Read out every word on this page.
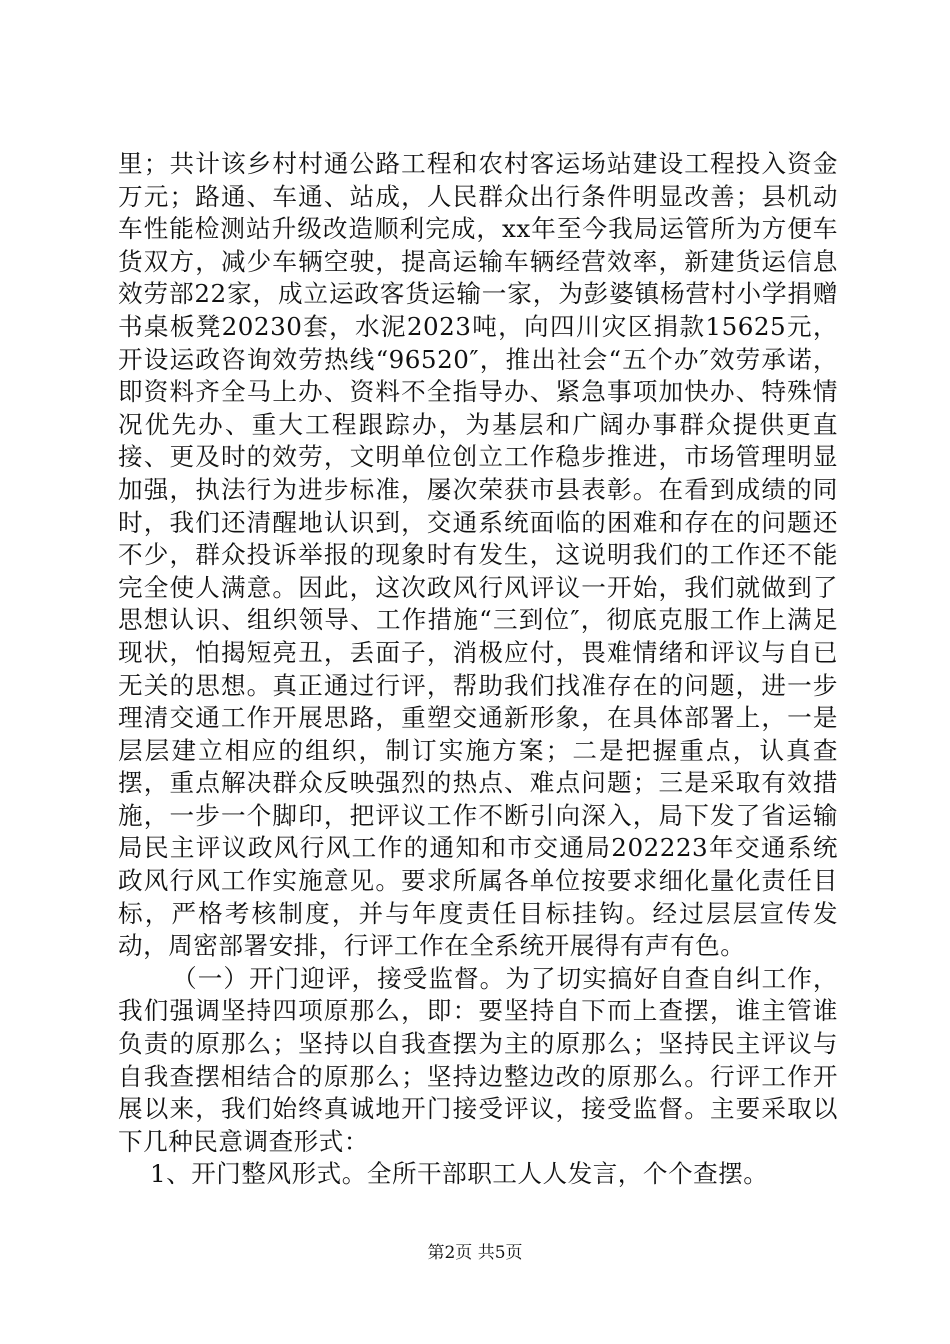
里；共计该乡村村通公路工程和农村客运场站建设工程投入资金万元；路通、车通、站成，人民群众出行条件明显改善；县机动车性能检测站升级改造顺利完成，xx年至今我局运管所为方便车货双方，减少车辆空驶，提高运输车辆经营效率，新建货运信息效劳部22家，成立运政客货运输一家，为彭婆镇杨营村小学捐赠书桌板凳20230套，水泥2023吨，向四川灾区捐款15625元，开设运政咨询效劳热线“96520″，推出社会“五个办″效劳承诺，即资料齐全马上办、资料不全指导办、紧急事项加快办、特殊情况优先办、重大工程跟踪办，为基层和广阔办事群众提供更直接、更及时的效劳，文明单位创立工作稳步推进，市场管理明显加强，执法行为进步标准，屡次荣获市县表彰。在看到成绩的同时，我们还清醒地认识到，交通系统面临的困难和存在的问题还不少，群众投诉举报的现象时有发生，这说明我们的工作还不能完全使人满意。因此，这次政风行风评议一开始，我们就做到了思想认识、组织领导、工作措施“三到位″，彻底克服工作上满足现状，怕揭短亮丑，丢面子，消极应付，畏难情绪和评议与自已无关的思想。真正通过行评，帮助我们找准存在的问题，进一步理清交通工作开展思路，重塑交通新形象，在具体部署上，一是层层建立相应的组织，制订实施方案；二是把握重点，认真查摆，重点解决群众反映强烈的热点、难点问题；三是采取有效措施，一步一个脚印，把评议工作不断引向深入，局下发了省运输局民主评议政风行风工作的通知和市交通局202223年交通系统政风行风工作实施意见。要求所属各单位按要求细化量化责任目标，严格考核制度，并与年度责任目标挂钩。经过层层宣传发动，周密部署安排，行评工作在全系统开展得有声有色。

（一）开门迎评，接受监督。为了切实搞好自查自纠工作，我们强调坚持四项原那么，即：要坚持自下而上查摆，谁主管谁负责的原那么；坚持以自我查摆为主的原那么；坚持民主评议与自我查摆相结合的原那么；坚持边整边改的原那么。行评工作开展以来，我们始终真诚地开门接受评议，接受监督。主要采取以下几种民意调查形式：

1、开门整风形式。全所干部职工人人发言，个个查摆。

第2页 共5页
